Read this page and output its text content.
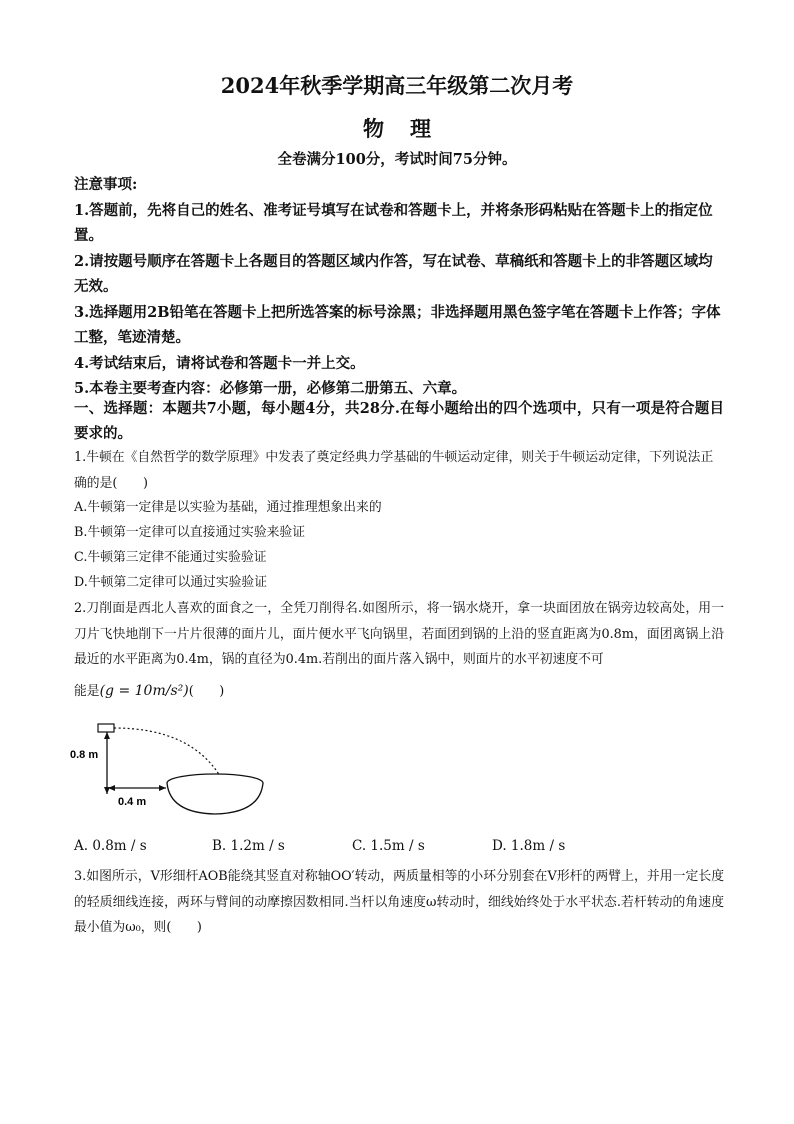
2024年秋季学期高三年级第二次月考
物理
全卷满分100分，考试时间75分钟。
注意事项:
1.答题前，先将自己的姓名、准考证号填写在试卷和答题卡上，并将条形码粘贴在答题卡上的指定位置。
2.请按题号顺序在答题卡上各题目的答题区域内作答，写在试卷、草稿纸和答题卡上的非答题区域均无效。
3.选择题用2B铅笔在答题卡上把所选答案的标号涂黑；非选择题用黑色签字笔在答题卡上作答；字体工整，笔迹清楚。
4.考试结束后，请将试卷和答题卡一并上交。
5.本卷主要考查内容：必修第一册，必修第二册第五、六章。
一、选择题：本题共7小题，每小题4分，共28分.在每小题给出的四个选项中，只有一项是符合题目要求的。
1.牛顿在《自然哲学的数学原理》中发表了奠定经典力学基础的牛顿运动定律，则关于牛顿运动定律，下列说法正确的是(　　)
A.牛顿第一定律是以实验为基础，通过推理想象出来的
B.牛顿第一定律可以直接通过实验来验证
C.牛顿第三定律不能通过实验验证
D.牛顿第二定律可以通过实验验证
2.刀削面是西北人喜欢的面食之一，全凭刀削得名.如图所示，将一锅水烧开，拿一块面团放在锅旁边较高处，用一刀片飞快地削下一片片很薄的面片儿，面片便水平飞向锅里，若面团到锅的上沿的竖直距离为0.8m，面团离锅上沿最近的水平距离为0.4m，锅的直径为0.4m.若削出的面片落入锅中，则面片的水平初速度不可
能是(g = 10m/s²)(　　)
0.8 m
0.4 m
A. 0.8m / s	B. 1.2m / s	C. 1.5m / s	D. 1.8m / s
3.如图所示，V形细杆AOB能绕其竖直对称轴OO′转动，两质量相等的小环分别套在V形杆的两臂上，并用一定长度的轻质细线连接，两环与臂间的动摩擦因数相同.当杆以角速度ω转动时，细线始终处于水平状态.若杆转动的角速度最小值为ω₀，则(　　)
